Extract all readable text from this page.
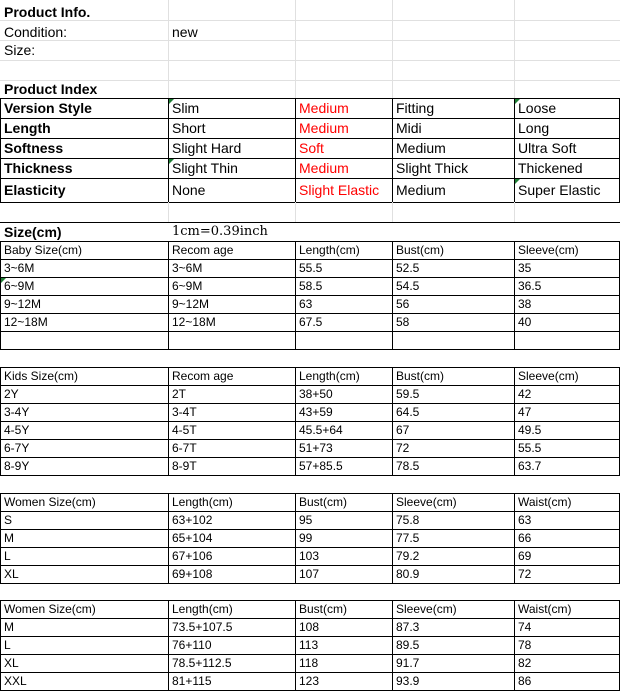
Product Info.
Condition:	new
Size:
Product Index
Size(cm)	1cm=0.39inch
Version Style	Slim	Medium	Fitting	Loose
Length	Short	Medium	Midi	Long
Softness	Slight Hard	Soft	Medium	Ultra Soft
Thickness	Slight Thin	Medium	Slight Thick	Thickened
Elasticity	None	Slight Elastic	Medium	Super Elastic
Baby Size(cm)	Recom age	Length(cm)	Bust(cm)	Sleeve(cm)
3~6M	3~6M	55.5	52.5	35
6~9M	6~9M	58.5	54.5	36.5
9~12M	9~12M	63	56	38
12~18M	12~18M	67.5	58	40
Kids Size(cm)	Recom age	Length(cm)	Bust(cm)	Sleeve(cm)
2Y	2T	38+50	59.5	42
3-4Y	3-4T	43+59	64.5	47
4-5Y	4-5T	45.5+64	67	49.5
6-7Y	6-7T	51+73	72	55.5
8-9Y	8-9T	57+85.5	78.5	63.7
Women Size(cm)	Length(cm)	Bust(cm)	Sleeve(cm)	Waist(cm)
S	63+102	95	75.8	63
M	65+104	99	77.5	66
L	67+106	103	79.2	69
XL	69+108	107	80.9	72
Women Size(cm)	Length(cm)	Bust(cm)	Sleeve(cm)	Waist(cm)
M	73.5+107.5	108	87.3	74
L	76+110	113	89.5	78
XL	78.5+112.5	118	91.7	82
XXL	81+115	123	93.9	86
